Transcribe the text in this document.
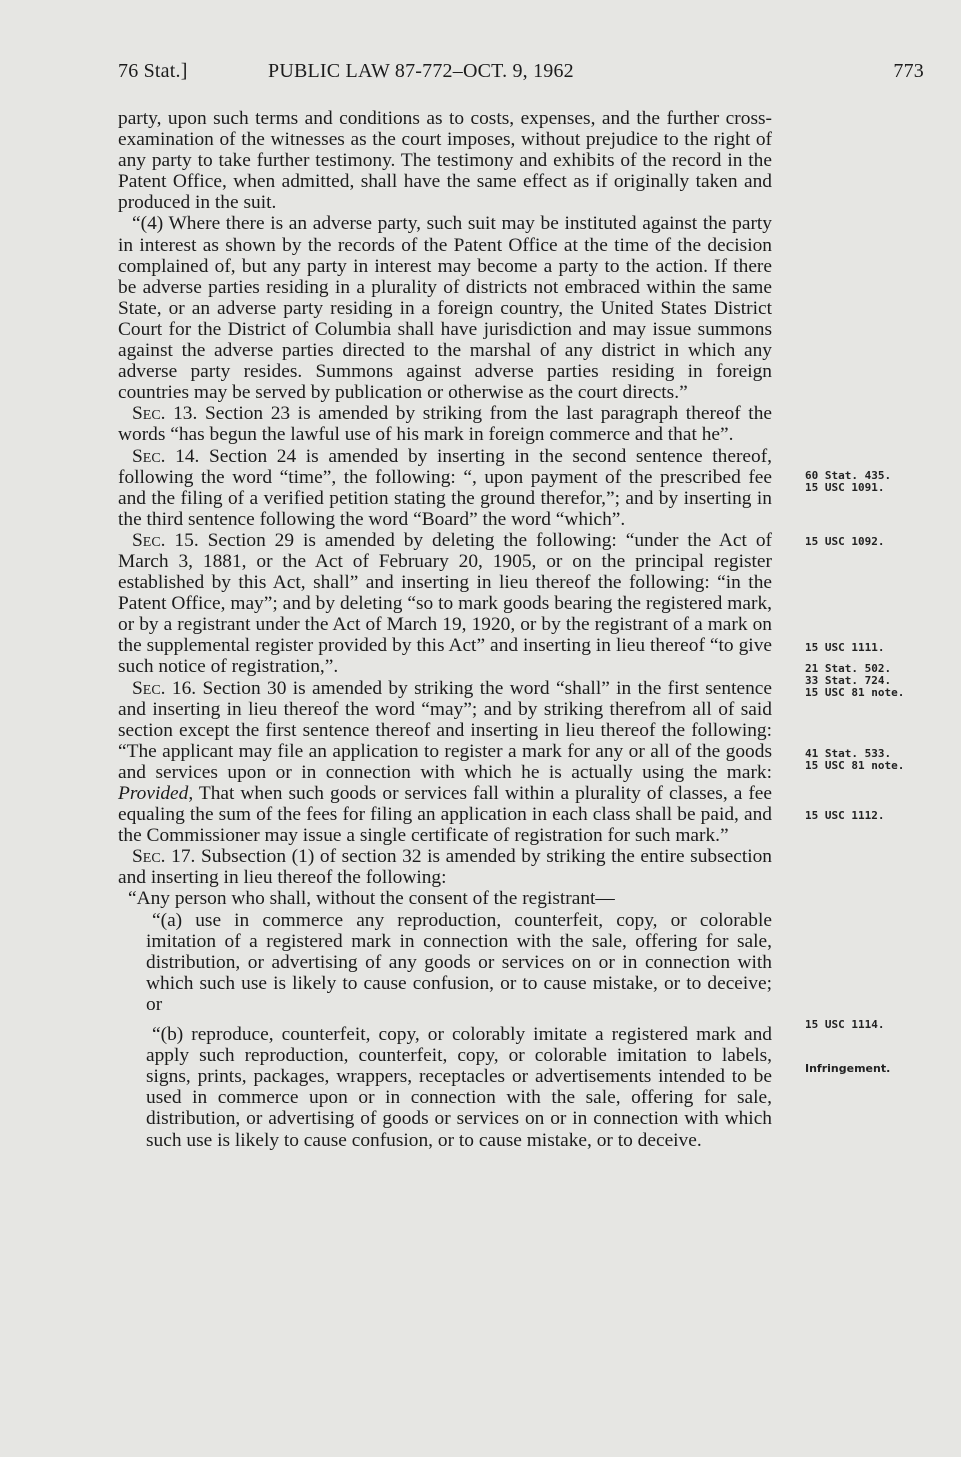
76 Stat.]	PUBLIC LAW 87-772–OCT. 9, 1962	773

party, upon such terms and conditions as to costs, expenses, and the further cross-examination of the witnesses as the court imposes, without prejudice to the right of any party to take further testimony. The testimony and exhibits of the record in the Patent Office, when admitted, shall have the same effect as if originally taken and produced in the suit.

“(4) Where there is an adverse party, such suit may be instituted against the party in interest as shown by the records of the Patent Office at the time of the decision complained of, but any party in interest may become a party to the action. If there be adverse parties residing in a plurality of districts not embraced within the same State, or an adverse party residing in a foreign country, the United States District Court for the District of Columbia shall have jurisdiction and may issue summons against the adverse parties directed to the marshal of any district in which any adverse party resides. Summons against adverse parties residing in foreign countries may be served by publication or otherwise as the court directs.”

Sec. 13. Section 23 is amended by striking from the last paragraph thereof the words “has begun the lawful use of his mark in foreign commerce and that he”.

Sec. 14. Section 24 is amended by inserting in the second sentence thereof, following the word “time”, the following: “, upon payment of the prescribed fee and the filing of a verified petition stating the ground therefor,”; and by inserting in the third sentence following the word “Board” the word “which”.

Sec. 15. Section 29 is amended by deleting the following: “under the Act of March 3, 1881, or the Act of February 20, 1905, or on the principal register established by this Act, shall” and inserting in lieu thereof the following: “in the Patent Office, may”; and by deleting “so to mark goods bearing the registered mark, or by a registrant under the Act of March 19, 1920, or by the registrant of a mark on the supplemental register provided by this Act” and inserting in lieu thereof “to give such notice of registration,”.

Sec. 16. Section 30 is amended by striking the word “shall” in the first sentence and inserting in lieu thereof the word “may”; and by striking therefrom all of said section except the first sentence thereof and inserting in lieu thereof the following: “The applicant may file an application to register a mark for any or all of the goods and services upon or in connection with which he is actually using the mark: Provided, That when such goods or services fall within a plurality of classes, a fee equaling the sum of the fees for filing an application in each class shall be paid, and the Commissioner may issue a single certificate of registration for such mark.”

Sec. 17. Subsection (1) of section 32 is amended by striking the entire subsection and inserting in lieu thereof the following:

“Any person who shall, without the consent of the registrant—

“(a) use in commerce any reproduction, counterfeit, copy, or colorable imitation of a registered mark in connection with the sale, offering for sale, distribution, or advertising of any goods or services on or in connection with which such use is likely to cause confusion, or to cause mistake, or to deceive; or

“(b) reproduce, counterfeit, copy, or colorably imitate a registered mark and apply such reproduction, counterfeit, copy, or colorable imitation to labels, signs, prints, packages, wrappers, receptacles or advertisements intended to be used in commerce upon or in connection with the sale, offering for sale, distribution, or advertising of goods or services on or in connection with which such use is likely to cause confusion, or to cause mistake, or to deceive.

60 Stat. 435.
15 USC 1091.
15 USC 1092.
15 USC 1111.
21 Stat. 502.
33 Stat. 724.
15 USC 81 note.
41 Stat. 533.
15 USC 81 note.
15 USC 1112.
15 USC 1114.
Infringement.
